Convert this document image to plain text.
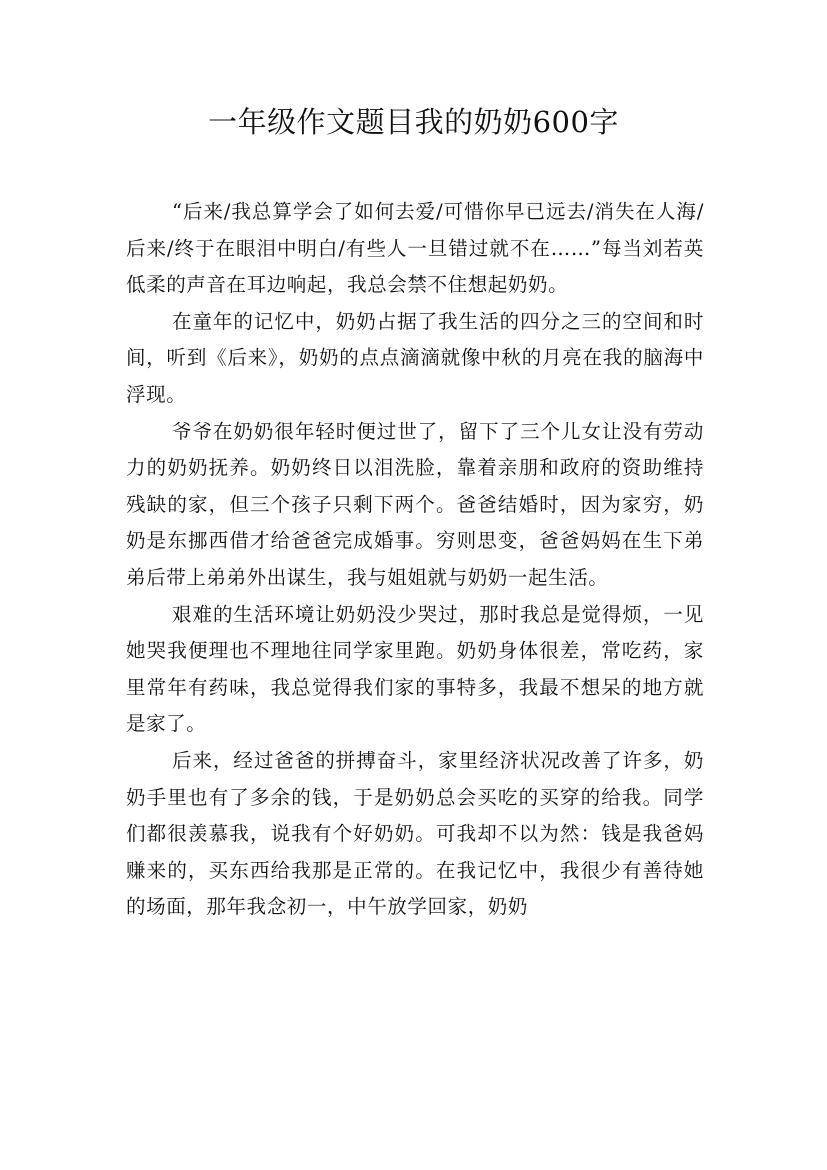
一年级作文题目我的奶奶600字

“后来/我总算学会了如何去爱/可惜你早已远去/消失在人海/后来/终于在眼泪中明白/有些人一旦错过就不在……”每当刘若英低柔的声音在耳边响起，我总会禁不住想起奶奶。

在童年的记忆中，奶奶占据了我生活的四分之三的空间和时间，听到《后来》，奶奶的点点滴滴就像中秋的月亮在我的脑海中浮现。

爷爷在奶奶很年轻时便过世了，留下了三个儿女让没有劳动力的奶奶抚养。奶奶终日以泪洗脸，靠着亲朋和政府的资助维持残缺的家，但三个孩子只剩下两个。爸爸结婚时，因为家穷，奶奶是东挪西借才给爸爸完成婚事。穷则思变，爸爸妈妈在生下弟弟后带上弟弟外出谋生，我与姐姐就与奶奶一起生活。

艰难的生活环境让奶奶没少哭过，那时我总是觉得烦，一见她哭我便理也不理地往同学家里跑。奶奶身体很差，常吃药，家里常年有药味，我总觉得我们家的事特多，我最不想呆的地方就是家了。

后来，经过爸爸的拼搏奋斗，家里经济状况改善了许多，奶奶手里也有了多余的钱，于是奶奶总会买吃的买穿的给我。同学们都很羡慕我，说我有个好奶奶。可我却不以为然：钱是我爸妈赚来的，买东西给我那是正常的。在我记忆中，我很少有善待她的场面，那年我念初一，中午放学回家，奶奶
